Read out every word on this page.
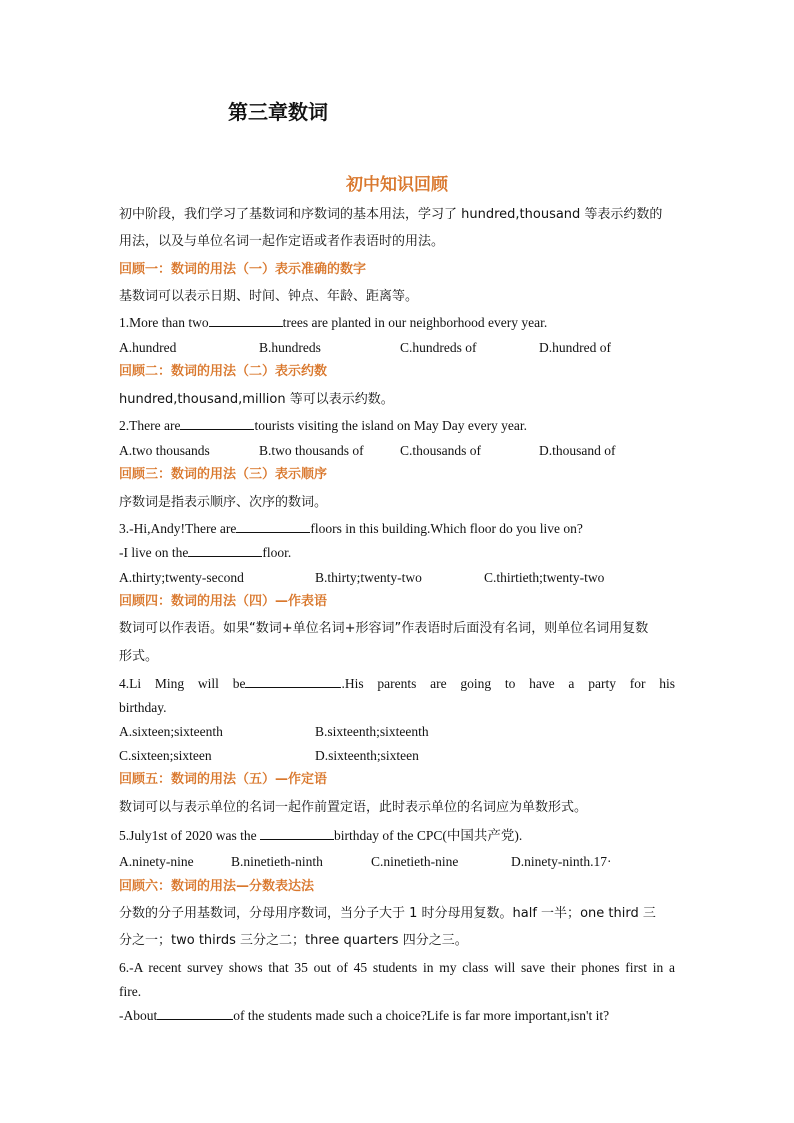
第三章数词
初中知识回顾
初中阶段，我们学习了基数词和序数词的基本用法，学习了 hundred,thousand 等表示约数的
用法，以及与单位名词一起作定语或者作表语时的用法。
回顾一：数词的用法（一）表示准确的数字
基数词可以表示日期、时间、钟点、年龄、距离等。
1.More than two	trees are planted in our neighborhood every year.
A.hundred	B.hundreds	C.hundreds of	D.hundred of
回顾二：数词的用法（二）表示约数
hundred,thousand,million 等可以表示约数。
2.There are	tourists visiting the island on May Day every year.
A.two thousands	B.two thousands of	C.thousands of	D.thousand of
回顾三：数词的用法（三）表示顺序
序数词是指表示顺序、次序的数词。
3.-Hi,Andy!There are	floors in this building.Which floor do you live on?
-I live on the	floor.
A.thirty;twenty-second	B.thirty;twenty-two	C.thirtieth;twenty-two
回顾四：数词的用法（四）—作表语
数词可以作表语。如果“数词+单位名词+形容词”作表语时后面没有名词，则单位名词用复数
形式。
4.Li Ming will be	.His parents are going to have a party for his
birthday.
A.sixteen;sixteenth	B.sixteenth;sixteenth
C.sixteen;sixteen	D.sixteenth;sixteen
回顾五：数词的用法（五）—作定语
数词可以与表示单位的名词一起作前置定语，此时表示单位的名词应为单数形式。
5.July1st of 2020 was the	birthday of the CPC(中国共产党).
A.ninety-nine	B.ninetieth-ninth	C.ninetieth-nine	D.ninety-ninth.17·
回顾六：数词的用法—分数表达法
分数的分子用基数词，分母用序数词，当分子大于 1 时分母用复数。half 一半；one third 三
分之一；two thirds 三分之二；three quarters 四分之三。
6.-A recent survey shows that 35 out of 45 students in my class will save their phones first in a
fire.
-About	of the students made such a choice?Life is far more important,isn't it?
